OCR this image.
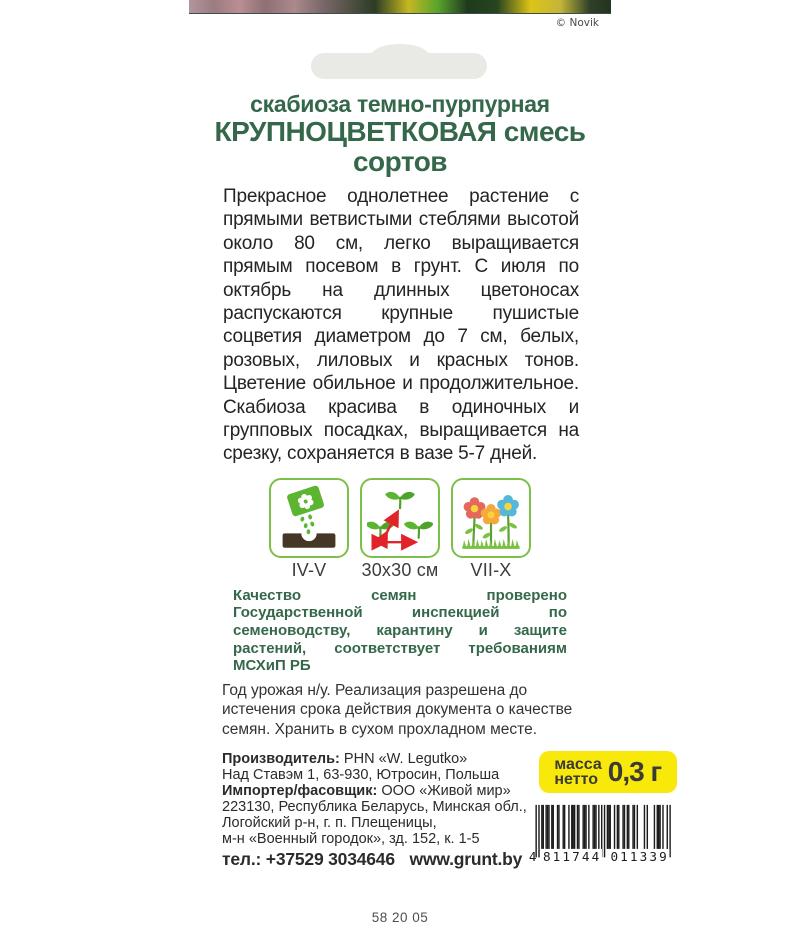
© Novik
скабиоза темно-пурпурная
КРУПНОЦВЕТКОВАЯ смесь сортов
Прекрасное однолетнее растение с прямыми ветвистыми стеблями высотой около 80 см, легко выращивается прямым посевом в грунт. С июля по октябрь на длинных цветоносах распускаются крупные пушистые соцветия диаметром до 7 см, белых, розовых, лиловых и красных тонов. Цветение обильное и продолжительное. Скабиоза красива в одиночных и групповых посадках, выращивается на срезку, сохраняется в вазе 5-7 дней.
IV-V	30x30 см	VII-X
Качество семян проверено Государственной инспекцией по семеноводству, карантину и защите растений, соответствует требованиям МСХиП РБ
Год урожая н/у. Реализация разрешена до истечения срока действия документа о качестве семян. Хранить в сухом прохладном месте.
Производитель: PHN «W. Legutko»
Над Ставэм 1, 63-930, Ютросин, Польша
Импортер/фасовщик: ООО «Живой мир»
223130, Республика Беларусь, Минская обл.,
Логойский р-н, г. п. Плещеницы,
м-н «Военный городок», зд. 152, к. 1-5
тел.: +37529 3034646 www.grunt.by
масса
нетто 0,3 г
4 811744 011339
58 20 05
